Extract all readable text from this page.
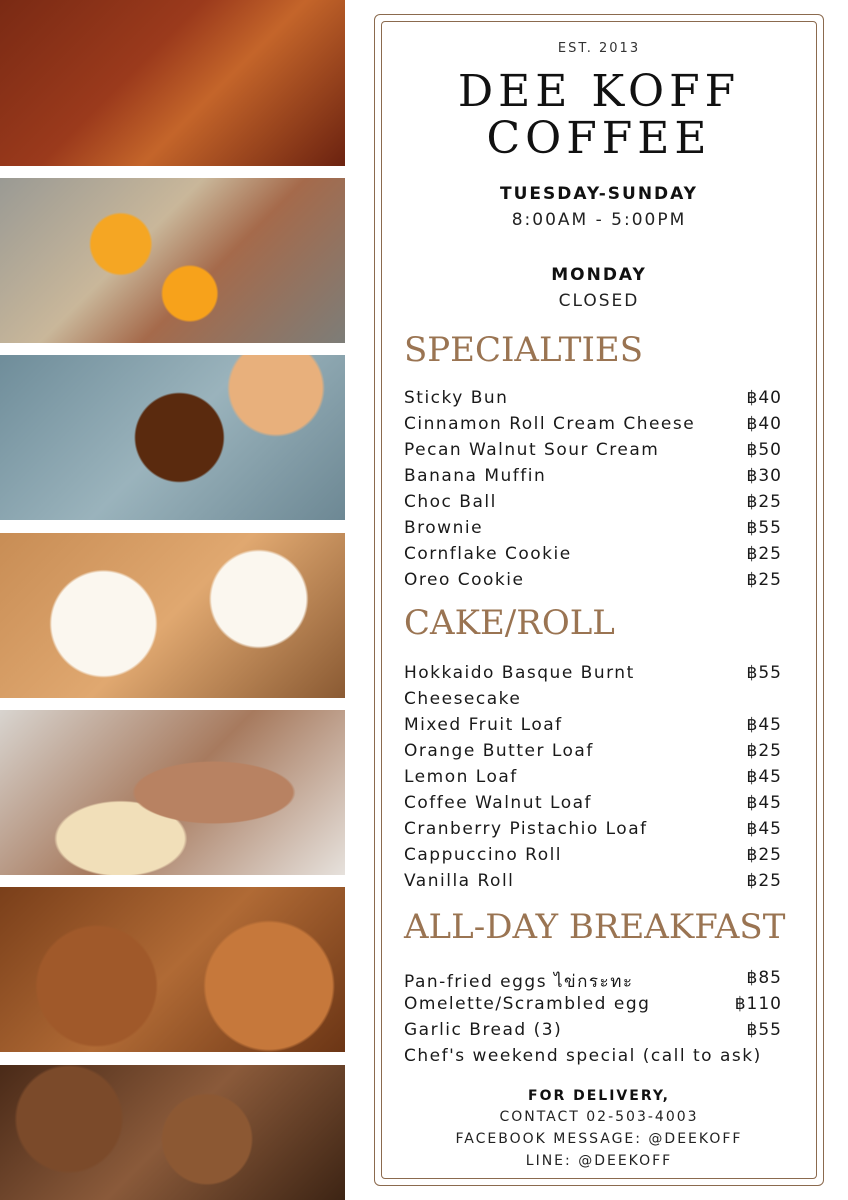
EST. 2013
DEE KOFF
COFFEE
TUESDAY-SUNDAY
8:00AM - 5:00PM
MONDAY
CLOSED
SPECIALTIES
Sticky Bun	฿40
Cinnamon Roll Cream Cheese	฿40
Pecan Walnut Sour Cream	฿50
Banana Muffin	฿30
Choc Ball	฿25
Brownie	฿55
Cornflake Cookie	฿25
Oreo Cookie	฿25
CAKE/ROLL
Hokkaido Basque Burnt
Cheesecake
฿55
Mixed Fruit Loaf	฿45
Orange Butter Loaf	฿25
Lemon Loaf	฿45
Coffee Walnut Loaf	฿45
Cranberry Pistachio Loaf	฿45
Cappuccino Roll	฿25
Vanilla Roll	฿25
ALL-DAY BREAKFAST
Pan-fried eggs ไข่กระทะ	฿85
Omelette/Scrambled egg	฿110
Garlic Bread (3)	฿55
Chef's weekend special (call to ask)
FOR DELIVERY,
CONTACT 02-503-4003
FACEBOOK MESSAGE: @DEEKOFF
LINE: @DEEKOFF
